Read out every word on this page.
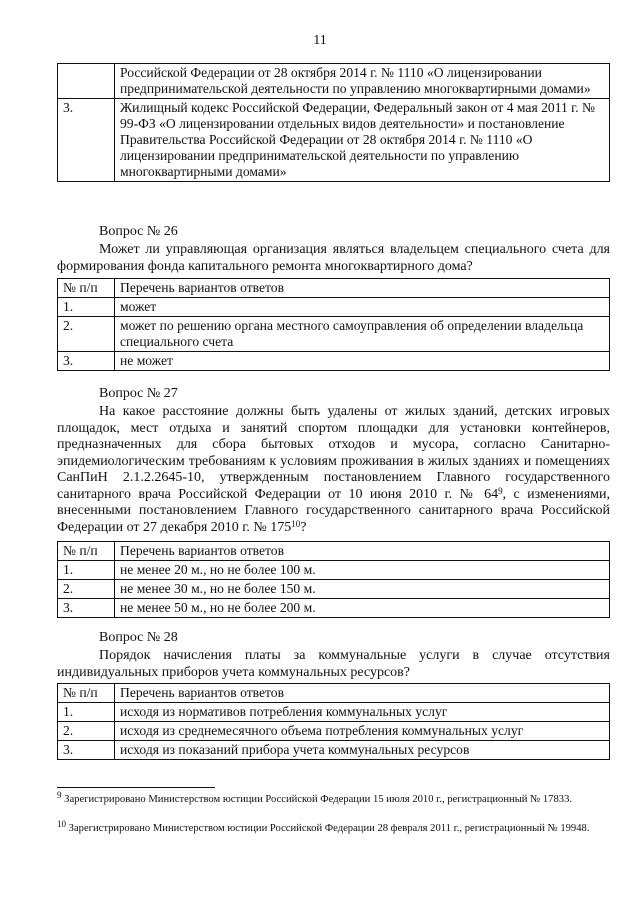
11
	Российской Федерации от 28 октября 2014 г. № 1110 «О лицензировании предпринимательской деятельности по управлению многоквартирными домами»
3.	Жилищный кодекс Российской Федерации, Федеральный закон от 4 мая 2011 г. № 99-ФЗ «О лицензировании отдельных видов деятельности» и постановление Правительства Российской Федерации от 28 октября 2014 г. № 1110 «О лицензировании предпринимательской деятельности по управлению многоквартирными домами»
Вопрос № 26

Может ли управляющая организация являться владельцем специального счета для формирования фонда капитального ремонта многоквартирного дома?

№ п/п	Перечень вариантов ответов
1.	может
2.	может по решению органа местного самоуправления об определении владельца специального счета
3.	не может
Вопрос № 27

На какое расстояние должны быть удалены от жилых зданий, детских игровых площадок, мест отдыха и занятий спортом площадки для установки контейнеров, предназначенных для сбора бытовых отходов и мусора, согласно Санитарно-эпидемиологическим требованиям к условиям проживания в жилых зданиях и помещениях СанПиН 2.1.2.2645-10, утвержденным постановлением Главного государственного санитарного врача Российской Федерации от 10 июня 2010 г. № $64^9$, с изменениями, внесенными постановлением Главного государственного санитарного врача Российской Федерации от 27 декабря 2010 г. № $175^{10}$?

№ п/п	Перечень вариантов ответов
1.	не менее 20 м., но не более 100 м.
2.	не менее 30 м., но не более 150 м.
3.	не менее 50 м., но не более 200 м.
Вопрос № 28

Порядок начисления платы за коммунальные услуги в случае отсутствия индивидуальных приборов учета коммунальных ресурсов?

№ п/п	Перечень вариантов ответов
1.	исходя из нормативов потребления коммунальных услуг
2.	исходя из среднемесячного объема потребления коммунальных услуг
3.	исходя из показаний прибора учета коммунальных ресурсов

$^9$ Зарегистрировано Министерством юстиции Российской Федерации 15 июля 2010 г., регистрационный № 17833.

$^{10}$ Зарегистрировано Министерством юстиции Российской Федерации 28 февраля 2011 г., регистрационный № 19948.
